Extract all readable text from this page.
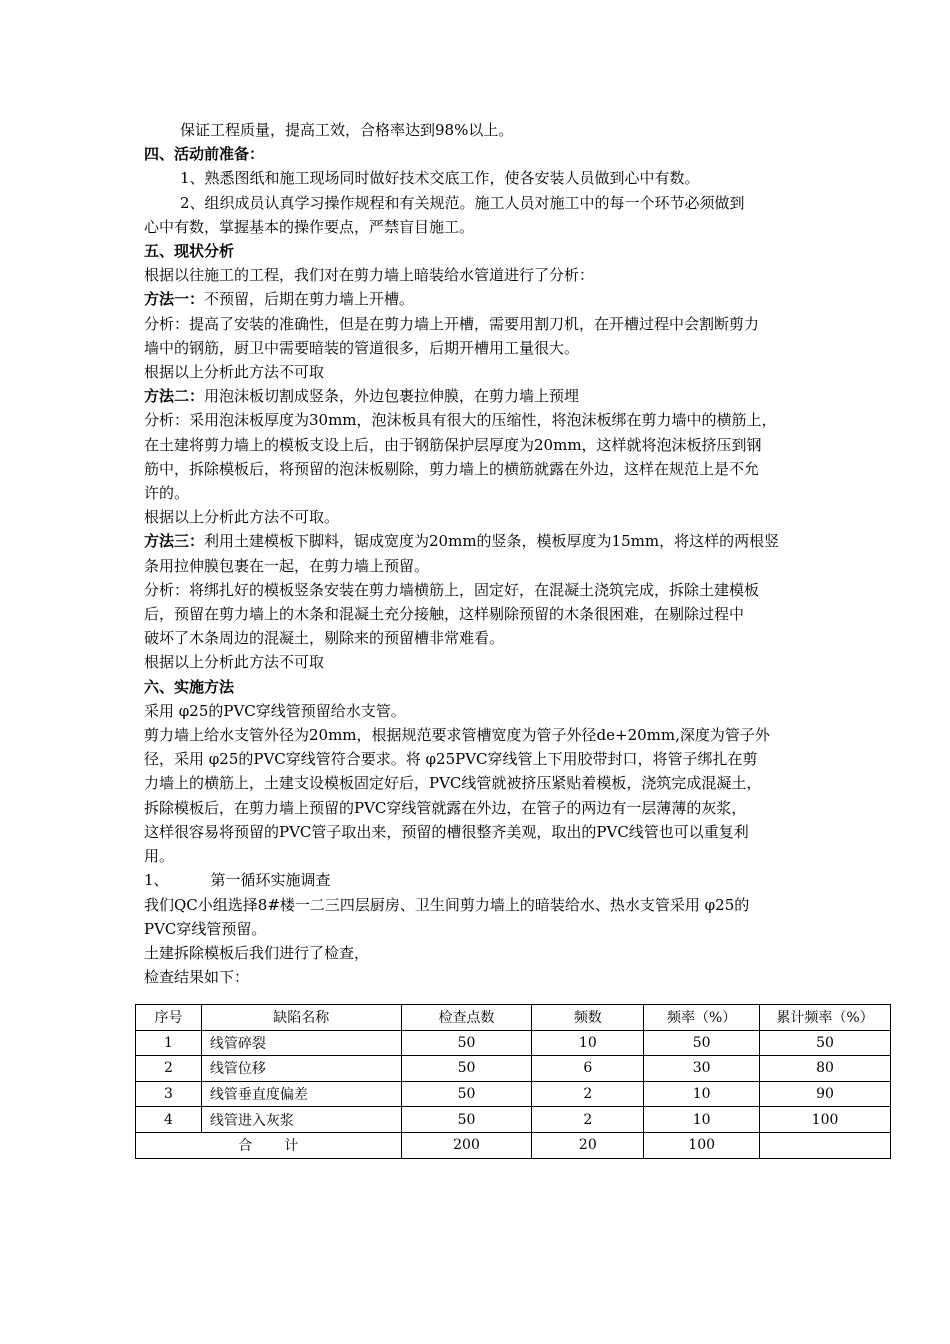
保证工程质量，提高工效，合格率达到98%以上。
四、活动前准备：
1、熟悉图纸和施工现场同时做好技术交底工作，使各安装人员做到心中有数。
2、组织成员认真学习操作规程和有关规范。施工人员对施工中的每一个环节必须做到
心中有数，掌握基本的操作要点，严禁盲目施工。
五、现状分析
根据以往施工的工程，我们对在剪力墙上暗装给水管道进行了分析：
方法一：不预留，后期在剪力墙上开槽。
分析：提高了安装的准确性，但是在剪力墙上开槽，需要用割刀机，在开槽过程中会割断剪力
墙中的钢筋，厨卫中需要暗装的管道很多，后期开槽用工量很大。
根据以上分析此方法不可取
方法二：用泡沫板切割成竖条，外边包裹拉伸膜，在剪力墙上预埋
分析：采用泡沫板厚度为30mm，泡沫板具有很大的压缩性，将泡沫板绑在剪力墙中的横筋上，
在土建将剪力墙上的模板支设上后，由于钢筋保护层厚度为20mm，这样就将泡沫板挤压到钢
筋中，拆除模板后，将预留的泡沫板剔除，剪力墙上的横筋就露在外边，这样在规范上是不允
许的。
根据以上分析此方法不可取。
方法三：利用土建模板下脚料，锯成宽度为20mm的竖条，模板厚度为15mm，将这样的两根竖
条用拉伸膜包裹在一起，在剪力墙上预留。
分析：将绑扎好的模板竖条安装在剪力墙横筋上，固定好，在混凝土浇筑完成，拆除土建模板
后，预留在剪力墙上的木条和混凝土充分接触，这样剔除预留的木条很困难，在剔除过程中
破坏了木条周边的混凝土，剔除来的预留槽非常难看。
根据以上分析此方法不可取
六、实施方法
采用 φ25的PVC穿线管预留给水支管。
剪力墙上给水支管外径为20mm，根据规范要求管槽宽度为管子外径de+20mm,深度为管子外
径，采用 φ25的PVC穿线管符合要求。将 φ25PVC穿线管上下用胶带封口，将管子绑扎在剪
力墙上的横筋上，土建支设模板固定好后，PVC线管就被挤压紧贴着模板，浇筑完成混凝土，
拆除模板后，在剪力墙上预留的PVC穿线管就露在外边，在管子的两边有一层薄薄的灰浆，
这样很容易将预留的PVC管子取出来，预留的槽很整齐美观，取出的PVC线管也可以重复利
用。
1、	第一循环实施调查
我们QC小组选择8#楼一二三四层厨房、卫生间剪力墙上的暗装给水、热水支管采用 φ25的
PVC穿线管预留。
土建拆除模板后我们进行了检查，
检查结果如下：
序号	缺陷名称	检查点数	频数	频率（%）	累计频率（%）
1	线管碎裂	50	10	50	50
2	线管位移	50	6	30	80
3	线管垂直度偏差	50	2	10	90
4	线管进入灰浆	50	2	10	100
合 计		200	20	100	
